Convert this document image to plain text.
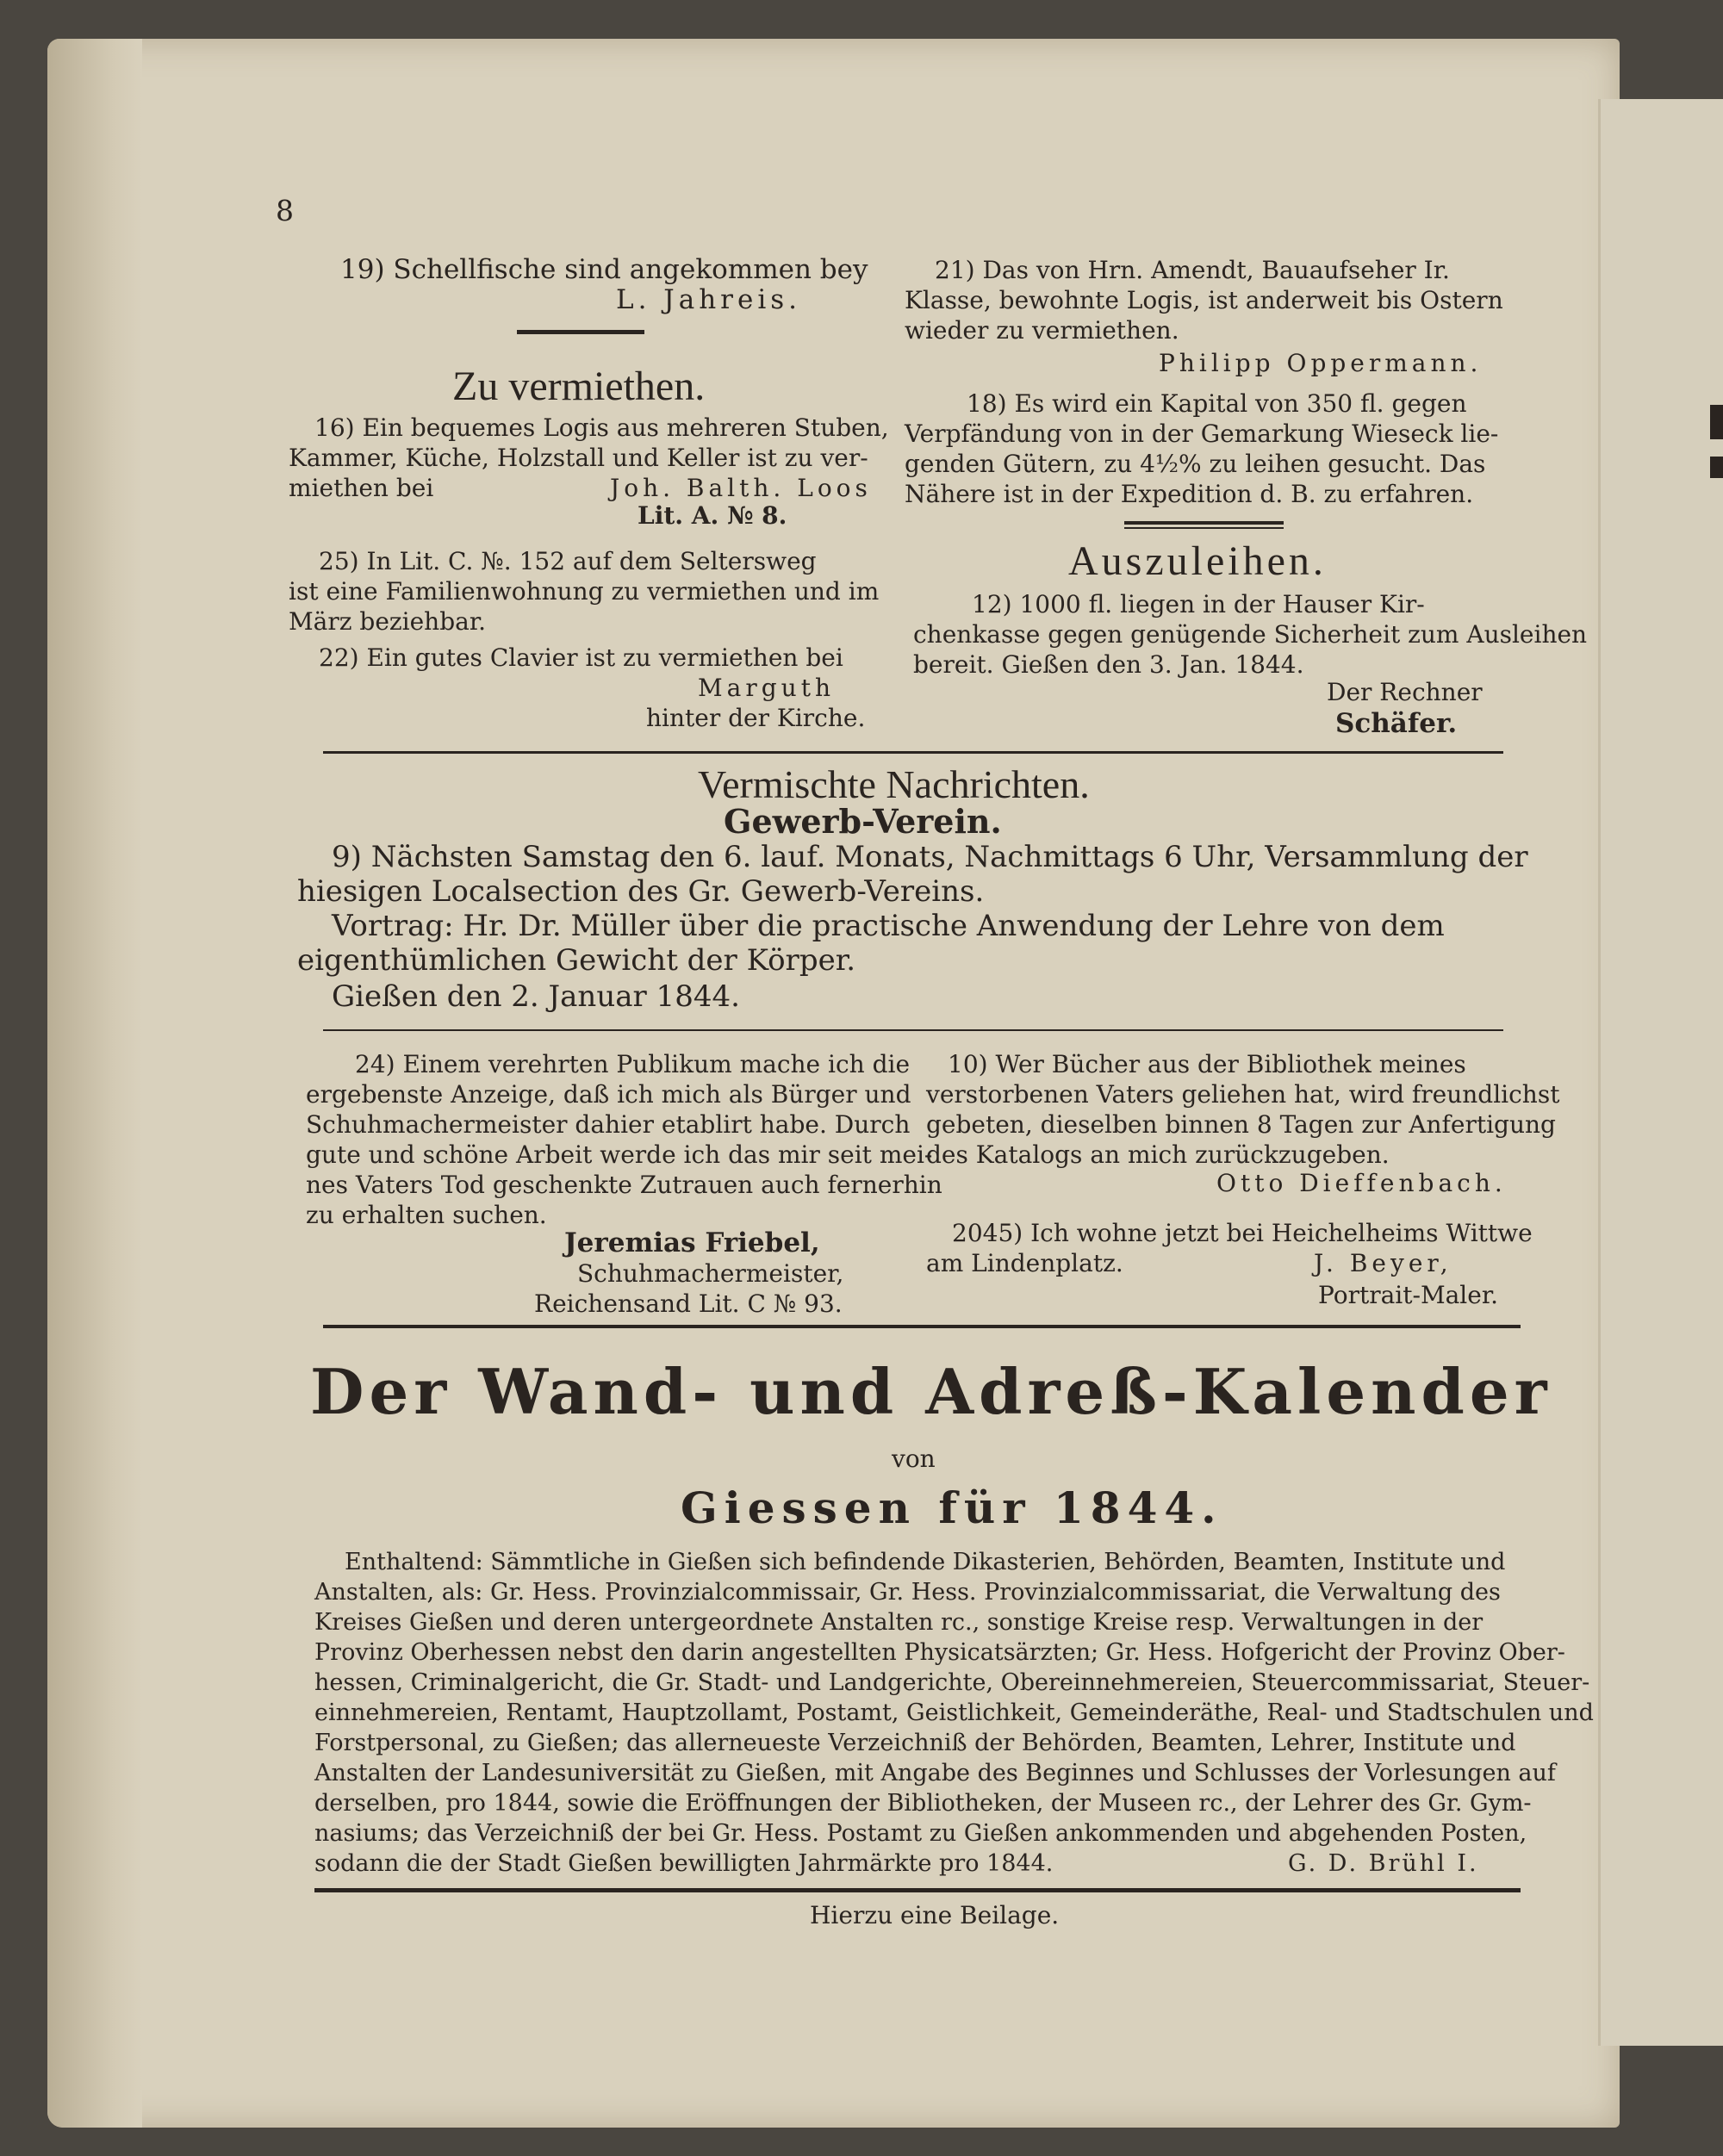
8
19) Schellfische sind angekommen bey
L. Jahreis.
Zu vermiethen.
16) Ein bequemes Logis aus mehreren Stuben,
Kammer, Küche, Holzstall und Keller ist zu ver-
miethen bei	Joh. Balth. Loos
Lit. A. № 8.
25) In Lit. C. №. 152 auf dem Seltersweg
ist eine Familienwohnung zu vermiethen und im
März beziehbar.
22) Ein gutes Clavier ist zu vermiethen bei
Marguth
hinter der Kirche.
21) Das von Hrn. Amendt, Bauaufseher Ir.
Klasse, bewohnte Logis, ist anderweit bis Ostern
wieder zu vermiethen.
Philipp Oppermann.
18) Es wird ein Kapital von 350 fl. gegen
Verpfändung von in der Gemarkung Wieseck lie-
genden Gütern, zu 4½% zu leihen gesucht. Das
Nähere ist in der Expedition d. B. zu erfahren.
Auszuleihen.
12) 1000 fl. liegen in der Hauser Kir-
chenkasse gegen genügende Sicherheit zum Ausleihen
bereit. Gießen den 3. Jan. 1844.
Der Rechner
Schäfer.
Vermischte Nachrichten.
Gewerb-Verein.
9) Nächsten Samstag den 6. lauf. Monats, Nachmittags 6 Uhr, Versammlung der
hiesigen Localsection des Gr. Gewerb-Vereins.
Vortrag: Hr. Dr. Müller über die practische Anwendung der Lehre von dem
eigenthümlichen Gewicht der Körper.
Gießen den 2. Januar 1844.
24) Einem verehrten Publikum mache ich die
ergebenste Anzeige, daß ich mich als Bürger und
Schuhmachermeister dahier etablirt habe. Durch
gute und schöne Arbeit werde ich das mir seit mei-
nes Vaters Tod geschenkte Zutrauen auch fernerhin
zu erhalten suchen.
Jeremias Friebel,
Schuhmachermeister,
Reichensand Lit. C № 93.
10) Wer Bücher aus der Bibliothek meines
verstorbenen Vaters geliehen hat, wird freundlichst
gebeten, dieselben binnen 8 Tagen zur Anfertigung
des Katalogs an mich zurückzugeben.
Otto Dieffenbach.
2045) Ich wohne jetzt bei Heichelheims Wittwe
am Lindenplatz.	J. Beyer,
Portrait-Maler.
Der Wand- und Adreß-Kalender
von
Giessen für 1844.
Enthaltend: Sämmtliche in Gießen sich befindende Dikasterien, Behörden, Beamten, Institute und
Anstalten, als: Gr. Hess. Provinzialcommissair, Gr. Hess. Provinzialcommissariat, die Verwaltung des
Kreises Gießen und deren untergeordnete Anstalten rc., sonstige Kreise resp. Verwaltungen in der
Provinz Oberhessen nebst den darin angestellten Physicatsärzten; Gr. Hess. Hofgericht der Provinz Ober-
hessen, Criminalgericht, die Gr. Stadt- und Landgerichte, Obereinnehmereien, Steuercommissariat, Steuer-
einnehmereien, Rentamt, Hauptzollamt, Postamt, Geistlichkeit, Gemeinderäthe, Real- und Stadtschulen und
Forstpersonal, zu Gießen; das allerneueste Verzeichniß der Behörden, Beamten, Lehrer, Institute und
Anstalten der Landesuniversität zu Gießen, mit Angabe des Beginnes und Schlusses der Vorlesungen auf
derselben, pro 1844, sowie die Eröffnungen der Bibliotheken, der Museen rc., der Lehrer des Gr. Gym-
nasiums; das Verzeichniß der bei Gr. Hess. Postamt zu Gießen ankommenden und abgehenden Posten,
sodann die der Stadt Gießen bewilligten Jahrmärkte pro 1844.	G. D. Brühl I.
Hierzu eine Beilage.
